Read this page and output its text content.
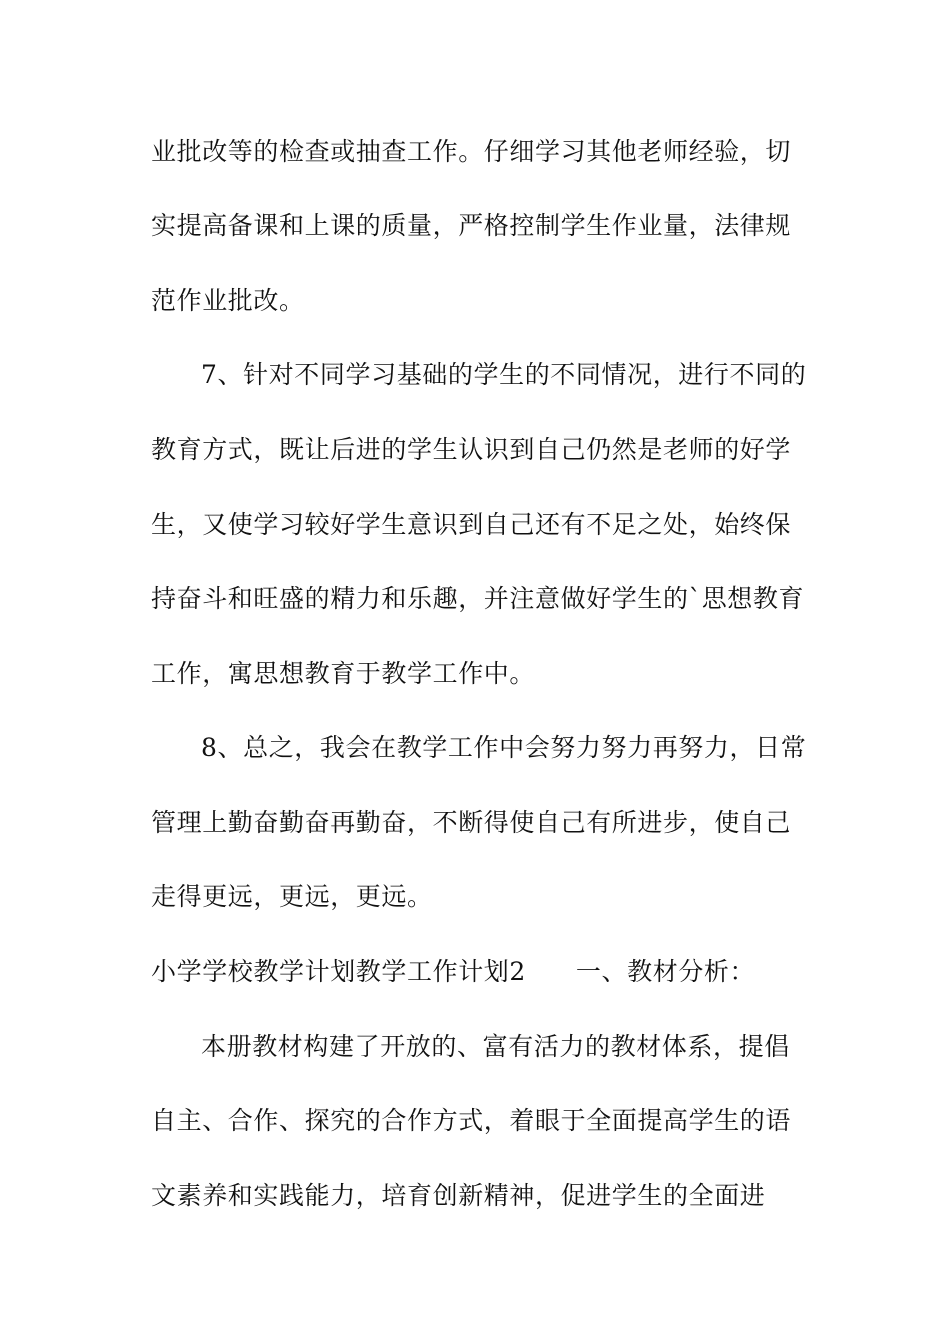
业批改等的检查或抽查工作。仔细学习其他老师经验，切
实提高备课和上课的质量，严格控制学生作业量，法律规
范作业批改。
7、针对不同学习基础的学生的不同情况，进行不同的
教育方式，既让后进的学生认识到自己仍然是老师的好学
生，又使学习较好学生意识到自己还有不足之处，始终保
持奋斗和旺盛的精力和乐趣，并注意做好学生的`思想教育
工作，寓思想教育于教学工作中。
8、总之，我会在教学工作中会努力努力再努力，日常
管理上勤奋勤奋再勤奋，不断得使自己有所进步，使自己
走得更远，更远，更远。
小学学校教学计划教学工作计划2 一、教材分析：
本册教材构建了开放的、富有活力的教材体系，提倡
自主、合作、探究的合作方式，着眼于全面提高学生的语
文素养和实践能力，培育创新精神，促进学生的全面进
